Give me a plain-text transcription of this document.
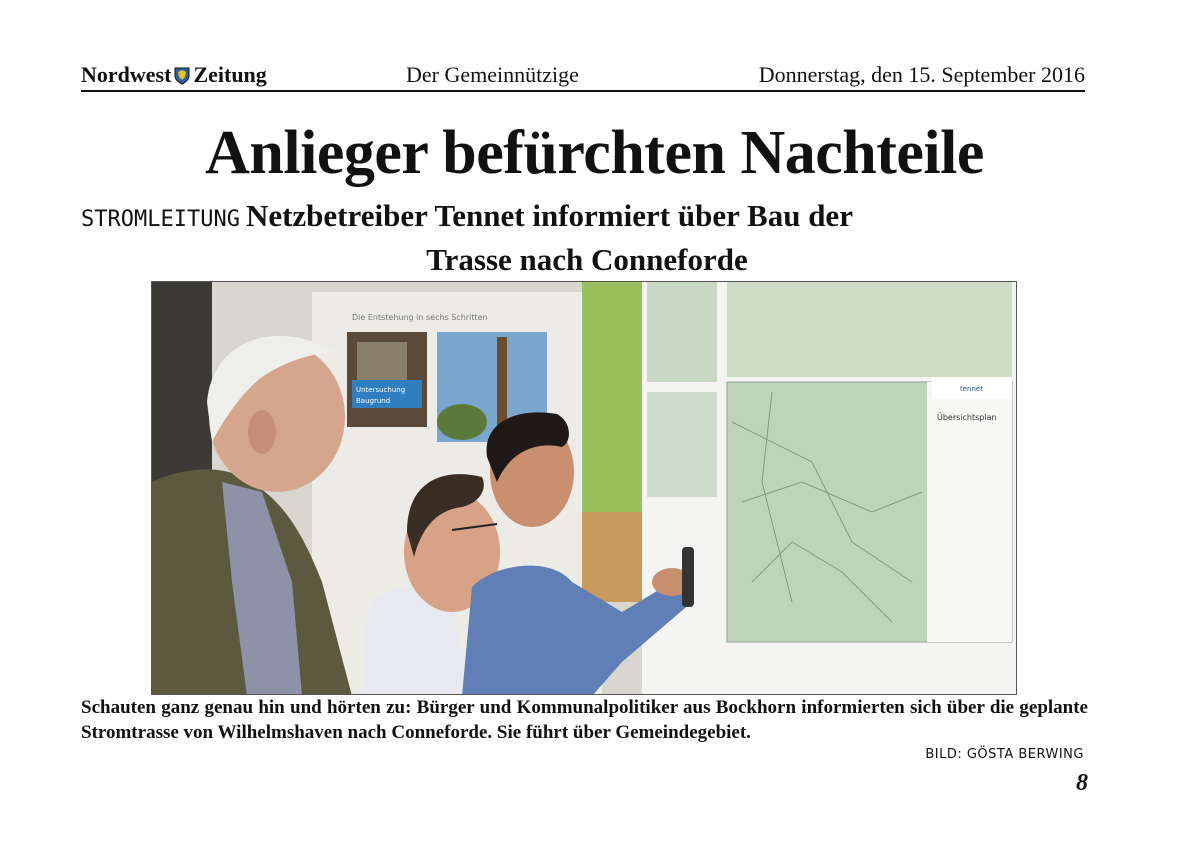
Nordwest Zeitung	Der Gemeinnützige	Donnerstag, den 15. September 2016
Anlieger befürchten Nachteile
STROMLEITUNG Netzbetreiber Tennet informiert über Bau der
Trasse nach Conneforde
Die Entstehung in sechs Schritten
Untersuchung
Baugrund
tennet
Übersichtsplan

Schauten ganz genau hin und hörten zu: Bürger und Kommunalpolitiker aus Bockhorn informierten sich über die geplante Stromtrasse von Wilhelmshaven nach Conneforde. Sie führt über Gemeindegebiet.

BILD: GÖSTA BERWING
8
